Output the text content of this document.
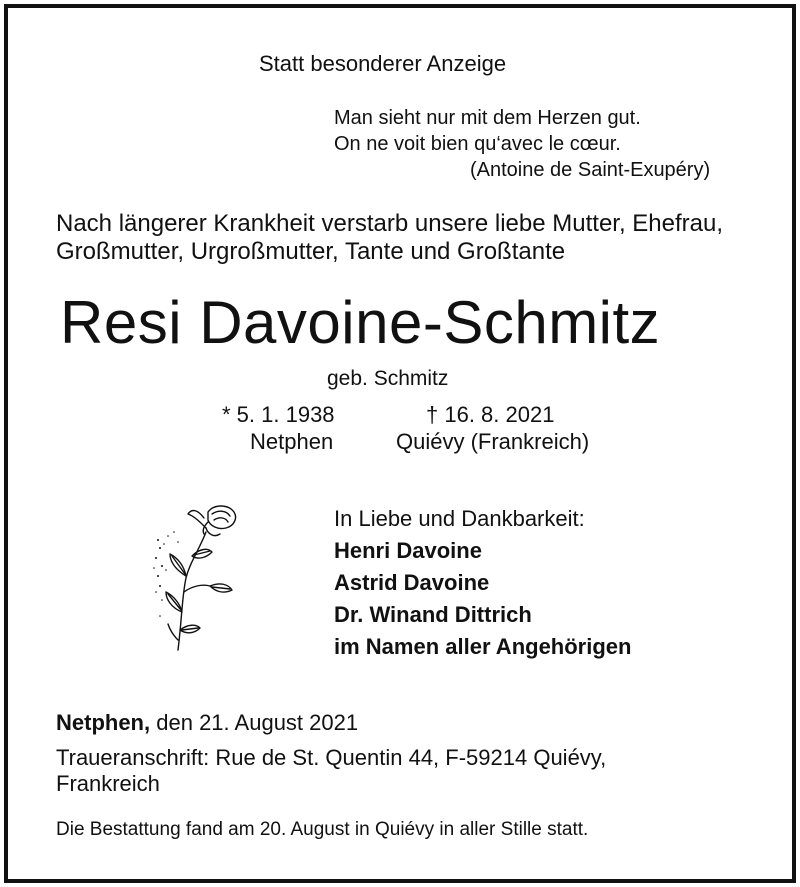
Statt besonderer Anzeige
Man sieht nur mit dem Herzen gut.
On ne voit bien qu‘avec le cœur.
(Antoine de Saint-Exupéry)
Nach längerer Krankheit verstarb unsere liebe Mutter, Ehefrau,
Großmutter, Urgroßmutter, Tante und Großtante
Resi Davoine-Schmitz
geb. Schmitz
* 5. 1. 1938	† 16. 8. 2021
Netphen	Quiévy (Frankreich)
In Liebe und Dankbarkeit:
Henri Davoine
Astrid Davoine
Dr. Winand Dittrich
im Namen aller Angehörigen
Netphen, den 21. August 2021
Traueranschrift: Rue de St. Quentin 44, F-59214 Quiévy,
Frankreich
Die Bestattung fand am 20. August in Quiévy in aller Stille statt.
